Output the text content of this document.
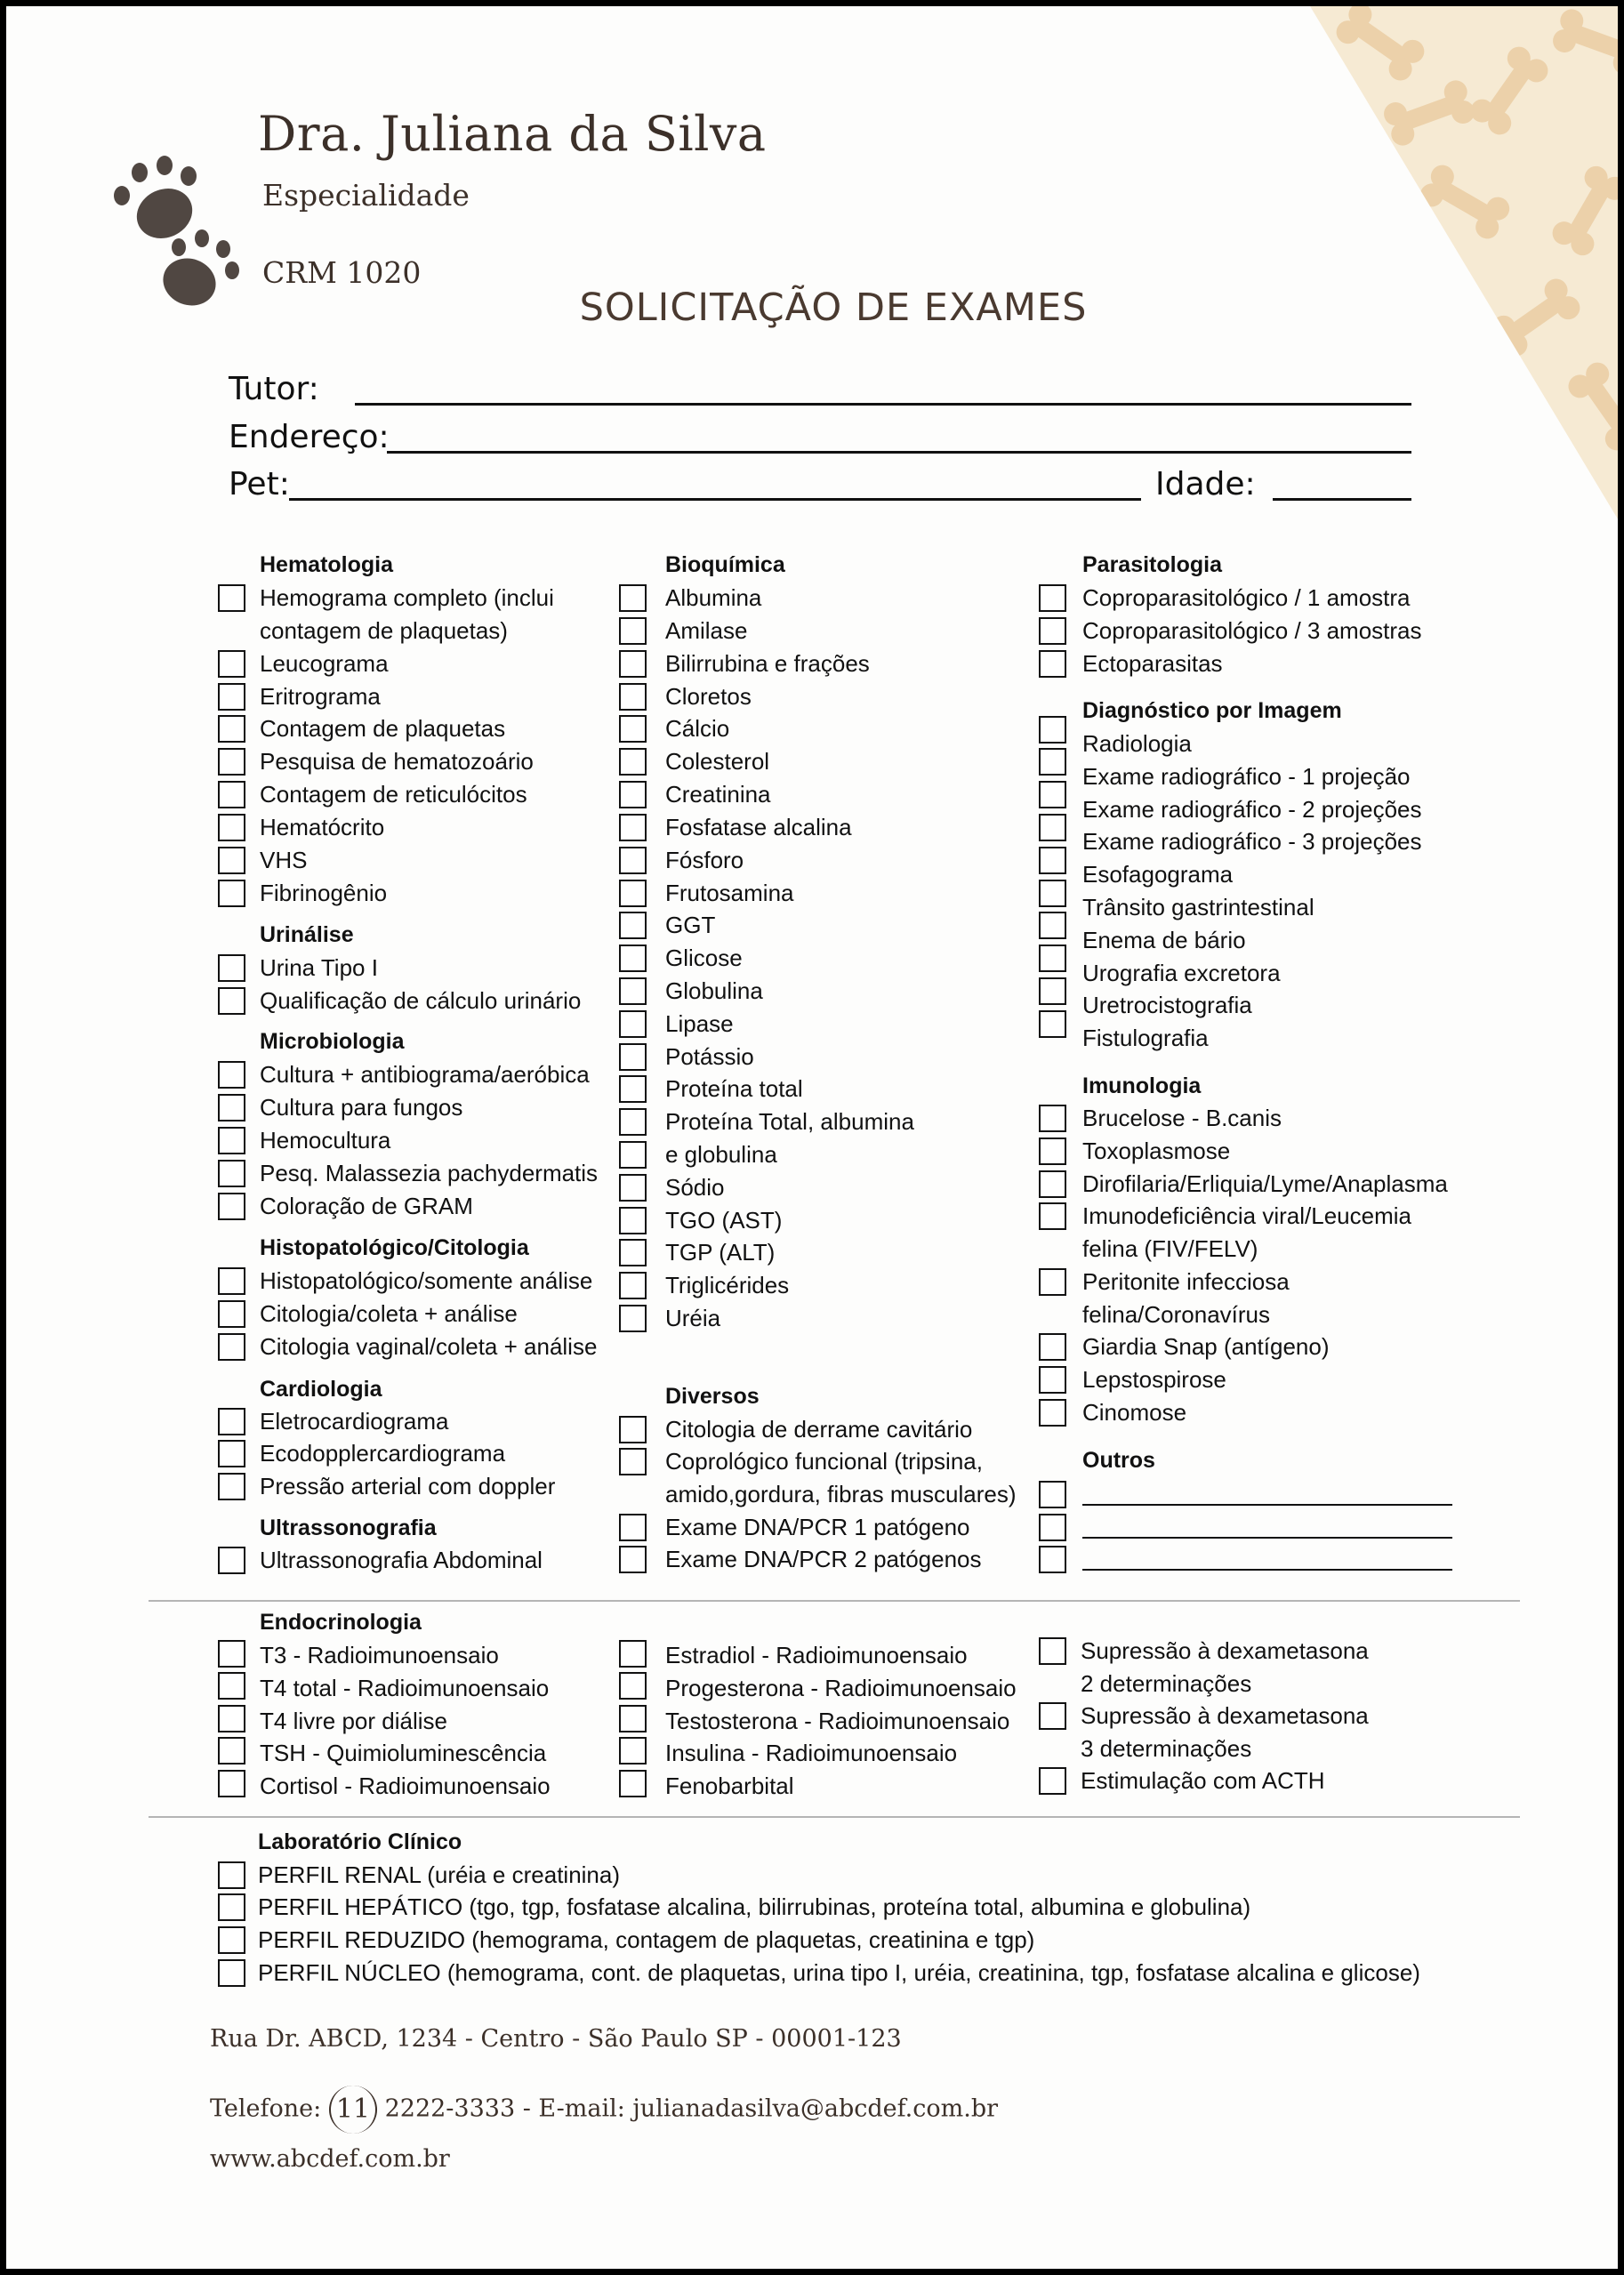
Dra. Juliana da Silva
Especialidade
CRM 1020
SOLICITAÇÃO DE EXAMES
Tutor:
Endereço:
Pet:	Idade:
Hematologia
Hemograma completo (inclui
contagem de plaquetas)
Leucograma
Eritrograma
Contagem de plaquetas
Pesquisa de hematozoário
Contagem de reticulócitos
Hematócrito
VHS
Fibrinogênio
Urinálise
Urina Tipo I
Qualificação de cálculo urinário
Microbiologia
Cultura + antibiograma/aeróbica
Cultura para fungos
Hemocultura
Pesq. Malassezia pachydermatis
Coloração de GRAM
Histopatológico/Citologia
Histopatológico/somente análise
Citologia/coleta + análise
Citologia vaginal/coleta + análise
Cardiologia
Eletrocardiograma
Ecodopplercardiograma
Pressão arterial com doppler
Ultrassonografia
Ultrassonografia Abdominal
Bioquímica
Albumina
Amilase
Bilirrubina e frações
Cloretos
Cálcio
Colesterol
Creatinina
Fosfatase alcalina
Fósforo
Frutosamina
GGT
Glicose
Globulina
Lipase
Potássio
Proteína total
Proteína Total, albumina
e globulina
Sódio
TGO (AST)
TGP (ALT)
Triglicérides
Uréia
Diversos
Citologia de derrame cavitário
Coprológico funcional (tripsina,
amido,gordura, fibras musculares)
Exame DNA/PCR 1 patógeno
Exame DNA/PCR 2 patógenos
Parasitologia
Coproparasitológico / 1 amostra
Coproparasitológico / 3 amostras
Ectoparasitas
Diagnóstico por Imagem
Radiologia
Exame radiográfico - 1 projeção
Exame radiográfico - 2 projeções
Exame radiográfico - 3 projeções
Esofagograma
Trânsito gastrintestinal
Enema de bário
Urografia excretora
Uretrocistografia
Fistulografia
Imunologia
Brucelose - B.canis
Toxoplasmose
Dirofilaria/Erliquia/Lyme/Anaplasma
Imunodeficiência viral/Leucemia
felina (FIV/FELV)
Peritonite infecciosa
felina/Coronavírus
Giardia Snap (antígeno)
Lepstospirose
Cinomose
Outros
Endocrinologia
T3 - Radioimunoensaio
T4 total - Radioimunoensaio
T4 livre por diálise
TSH - Quimioluminescência
Cortisol - Radioimunoensaio
Estradiol - Radioimunoensaio
Progesterona - Radioimunoensaio
Testosterona - Radioimunoensaio
Insulina - Radioimunoensaio
Fenobarbital
Supressão à dexametasona
2 determinações
Supressão à dexametasona
3 determinações
Estimulação com ACTH
Laboratório Clínico
PERFIL RENAL (uréia e creatinina)
PERFIL HEPÁTICO (tgo, tgp, fosfatase alcalina, bilirrubinas, proteína total, albumina e globulina)
PERFIL REDUZIDO (hemograma, contagem de plaquetas, creatinina e tgp)
PERFIL NÚCLEO (hemograma, cont. de plaquetas, urina tipo I, uréia, creatinina, tgp, fosfatase alcalina e glicose)
Rua Dr. ABCD, 1234 - Centro - São Paulo SP - 00001-123
Telefone: 11 2222-3333 - E-mail: julianadasilva@abcdef.com.br
www.abcdef.com.br
